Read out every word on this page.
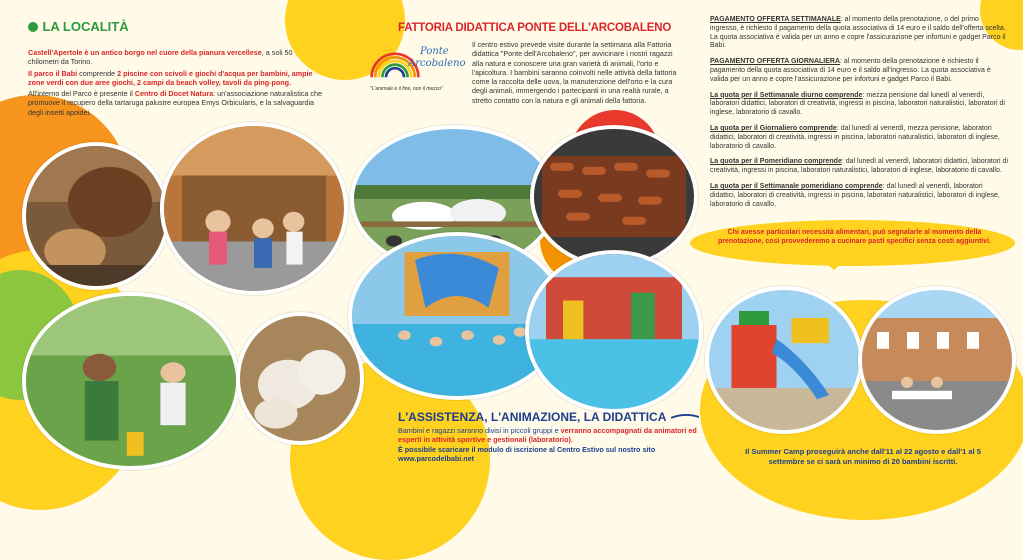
LA LOCALITÀ
Castell'Apertole è un antico borgo nel cuore della pianura vercellese, a soli 50 chilometri da Torino.
Il parco il Babi comprende 2 piscine con scivoli e giochi d'acqua per bambini, ampie zone verdi con due aree giochi, 2 campi da beach volley, tavoli da ping-pong.
All'interno del Parco è presente il Centro di Docet Natura: un'associazione naturalistica che promuove il recupero della tartaruga palustre europea Emys Orbicularis, e la salvaguardia degli insetti apoidei.
FATTORIA DIDATTICA PONTE DELL'ARCOBALENO
Ponte
Arcobaleno
"L'animale è il fine, non il mezzo"
Il centro estivo prevede visite durante la settimana alla Fattoria didattica "Ponte dell'Arcobaleno", per avvicinare i nostri ragazzi alla natura e conoscere una gran varietà di animali, l'orto e l'apicoltura. I bambini saranno coinvolti nelle attività della fattoria come la raccolta delle uova, la manutenzione dell'orto e la cura degli animali, immergendo i partecipanti in una realtà rurale, a stretto contatto con la natura e gli animali della fattoria.
L'ASSISTENZA, L'ANIMAZIONE, LA DIDATTICA
Bambini e ragazzi saranno divisi in piccoli gruppi e verranno accompagnati da animatori ed esperti in attività sportive e gestionali (laboratorio).
È possibile scaricare il modulo di iscrizione al Centro Estivo sul nostro sito www.parcodelbabi.net
PAGAMENTO OFFERTA SETTIMANALE: al momento della prenotazione, o del primo ingresso, è richiesto il pagamento della quota associativa di 14 euro e il saldo dell'offerta scelta. La quota associativa è valida per un anno e copre l'assicurazione per infortuni e gadget Parco il Babi.
PAGAMENTO OFFERTA GIORNALIERA: al momento della prenotazione è richiesto il pagamento della quota associativa di 14 euro e il saldo all'ingresso. La quota associativa è valida per un anno e copre l'assicurazione per infortuni e gadget Parco il Babi.
La quota per il Settimanale diurno comprende: mezza pensione dal lunedì al venerdì, laboratori didattici, laboratori di creatività, ingressi in piscina, laboratori naturalistici, laboratori di inglese, laboratorio di cavallo.
La quota per il Giornaliero comprende: dal lunedì al venerdì, mezza pensione, laboratori didattici, laboratori di creatività, ingressi in piscina, laboratori naturalistici, laboratori di inglese, laboratorio di cavallo.
La quota per il Pomeridiano comprende: dal lunedì al venerdì, laboratori didattici, laboratori di creatività, ingressi in piscina, laboratori naturalistici, laboratori di inglese, laboratorio di cavallo.
La quota per il Settimanale pomeridiano comprende: dal lunedì al venerdì, laboratori didattici, laboratori di creatività, ingressi in piscina, laboratori naturalistici, laboratori di inglese, laboratorio di cavallo.
Chi avesse particolari necessità alimentari, può segnalarle al momento della prenotazione, così provvederemo a cucinare pasti specifici senza costi aggiuntivi.
Il Summer Camp proseguirà anche dall'11 al 22 agosto e dall'1 al 5 settembre se ci sarà un minimo di 20 bambini iscritti.
